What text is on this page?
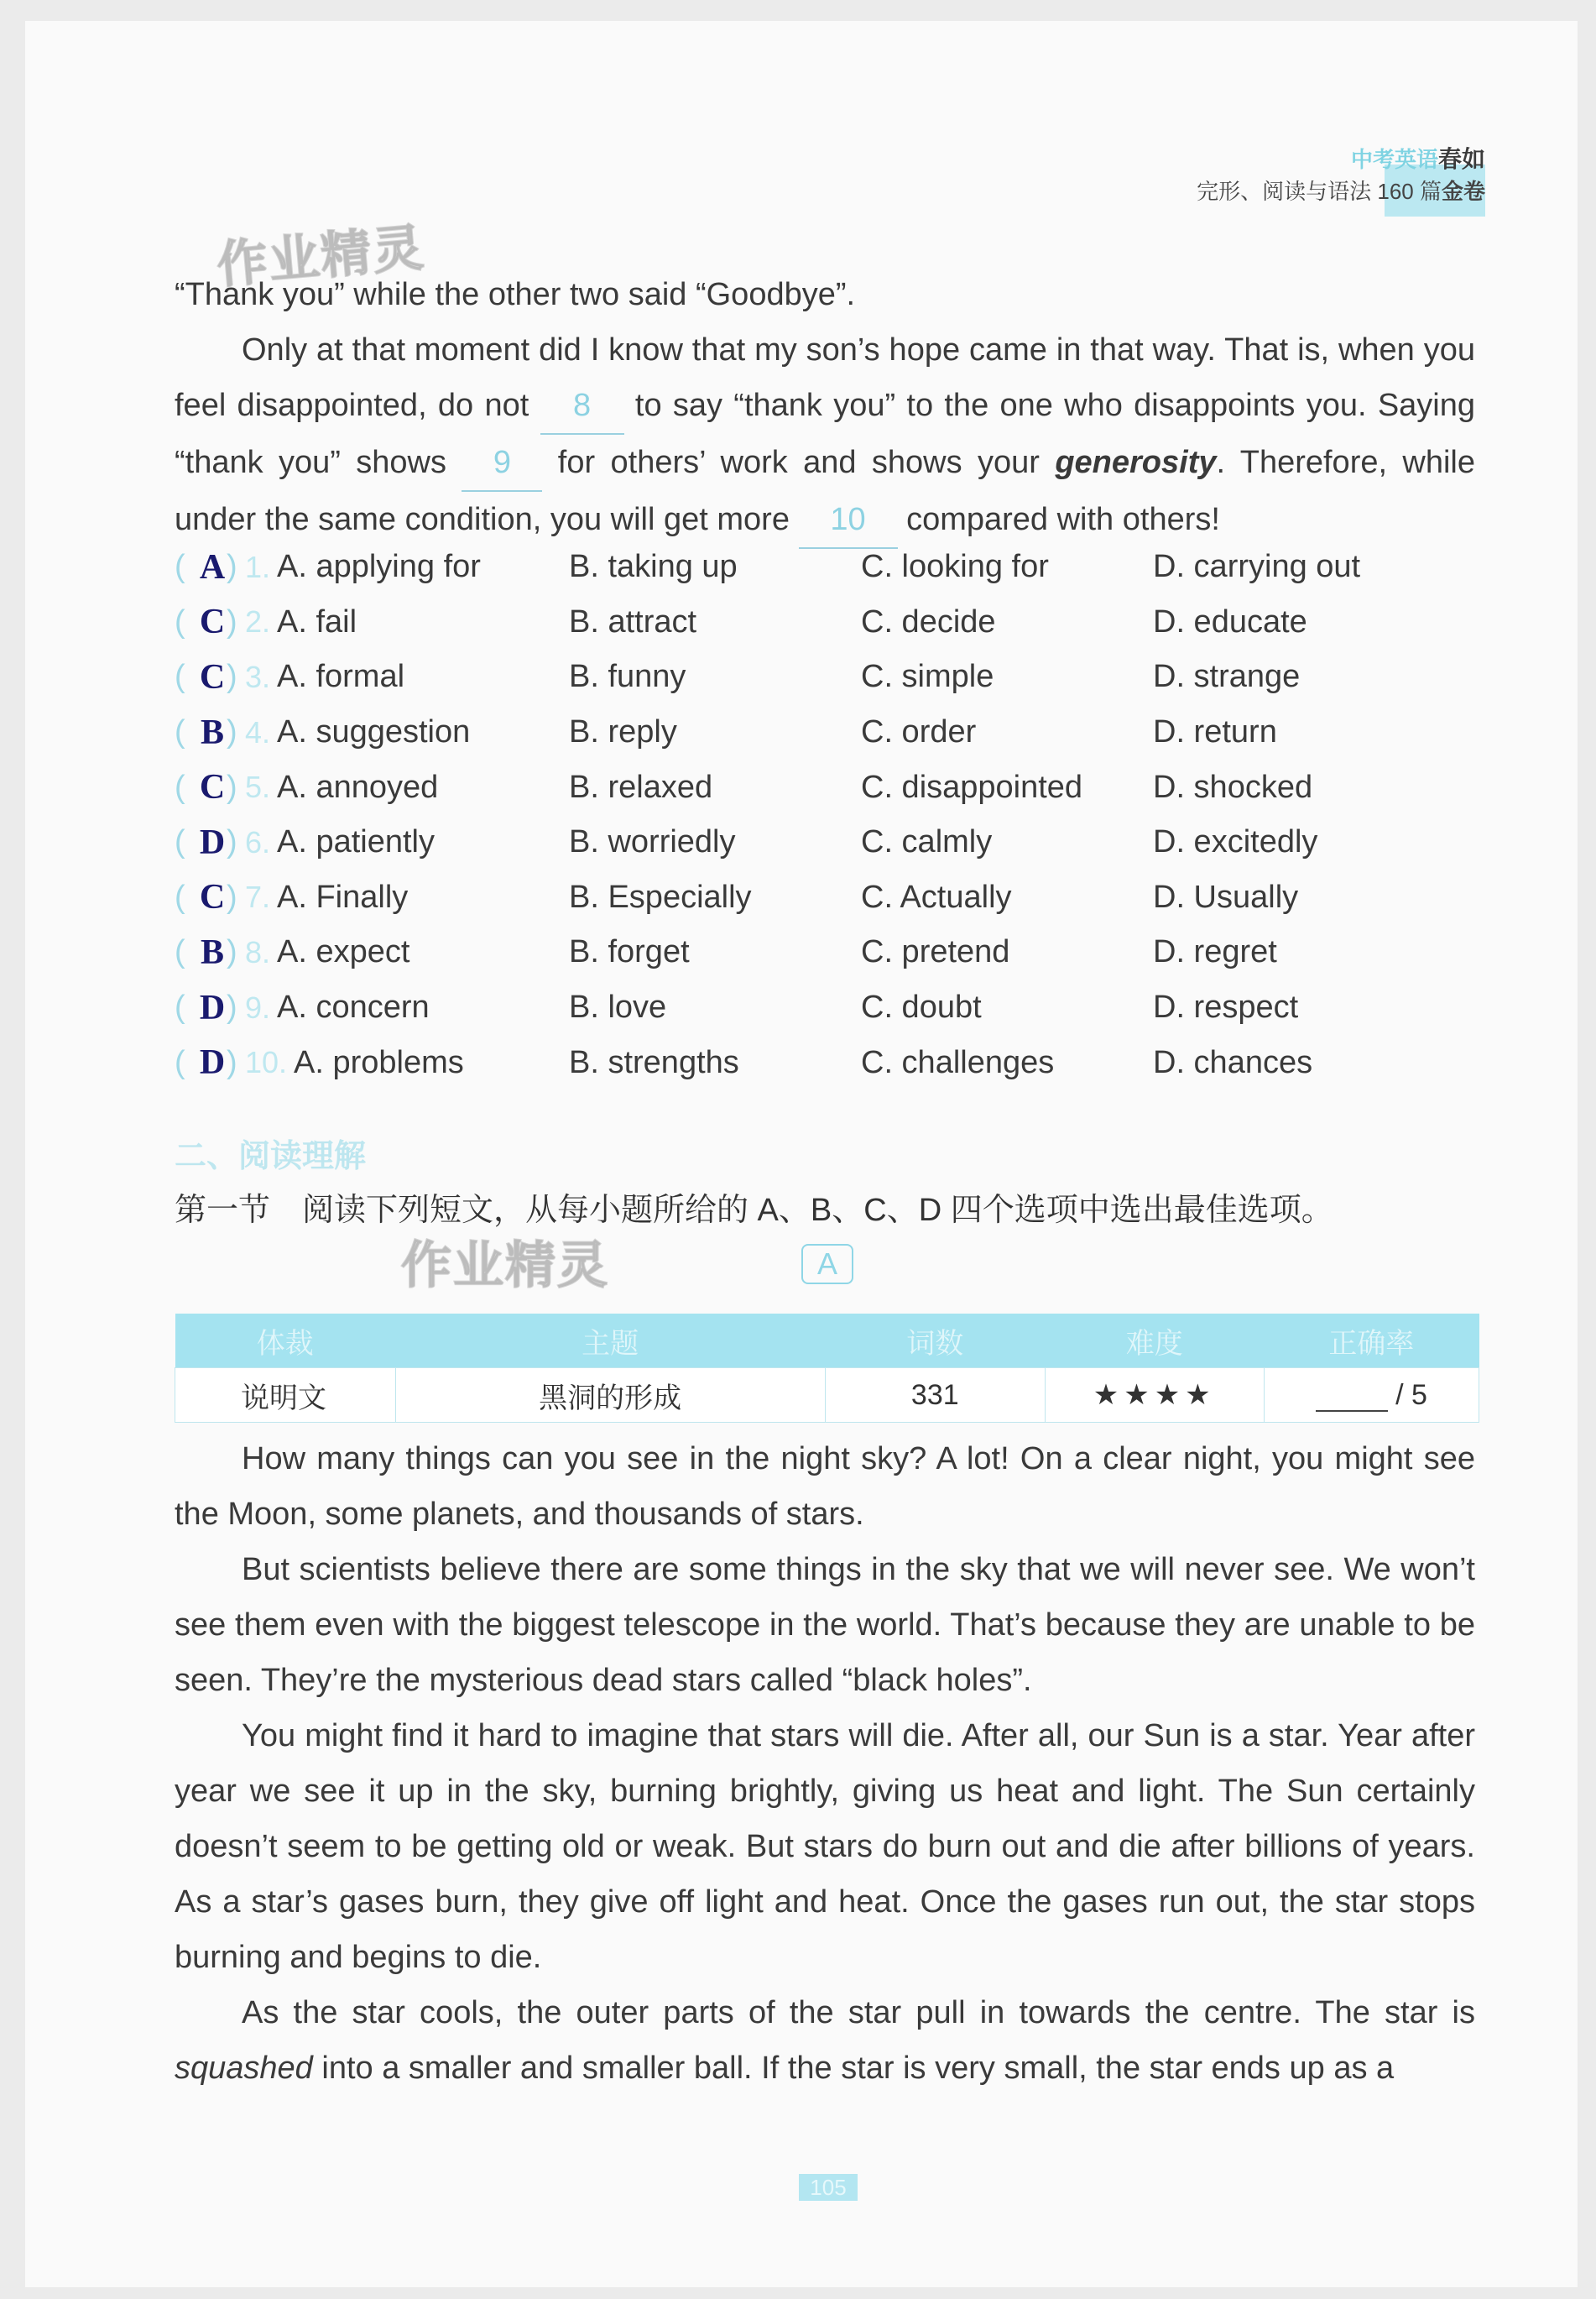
中考英语春如
完形、阅读与语法 160 篇金卷
作业精灵
作业精灵

“Thank you” while the other two said “Goodbye”.

Only at that moment did I know that my son’s hope came in that way. That is, when you feel disappointed, do not 8 to say “thank you” to the one who disappoints you. Saying “thank you” shows 9 for others’ work and shows your generosity. Therefore, while under the same condition, you will get more 10 compared with others!

( A ) 1. A. applying for	B. taking up	C. looking for	D. carrying out
( C ) 2. A. fail	B. attract	C. decide	D. educate
( C ) 3. A. formal	B. funny	C. simple	D. strange
( B ) 4. A. suggestion	B. reply	C. order	D. return
( C ) 5. A. annoyed	B. relaxed	C. disappointed	D. shocked
( D ) 6. A. patiently	B. worriedly	C. calmly	D. excitedly
( C ) 7. A. Finally	B. Especially	C. Actually	D. Usually
( B ) 8. A. expect	B. forget	C. pretend	D. regret
( D ) 9. A. concern	B. love	C. doubt	D. respect
( D ) 10. A. problems	B. strengths	C. challenges	D. chances
二、阅读理解
第一节　阅读下列短文，从每小题所给的 A、B、C、D 四个选项中选出最佳选项。
A
体裁	主题	词数	难度	正确率
说明文	黑洞的形成	331	★★★★	/ 5

How many things can you see in the night sky? A lot! On a clear night, you might see the Moon, some planets, and thousands of stars.

But scientists believe there are some things in the sky that we will never see. We won’t see them even with the biggest telescope in the world. That’s because they are unable to be seen. They’re the mysterious dead stars called “black holes”.

You might find it hard to imagine that stars will die. After all, our Sun is a star. Year after year we see it up in the sky, burning brightly, giving us heat and light. The Sun certainly doesn’t seem to be getting old or weak. But stars do burn out and die after billions of years. As a star’s gases burn, they give off light and heat. Once the gases run out, the star stops burning and begins to die.

As the star cools, the outer parts of the star pull in towards the centre. The star is squashed into a smaller and smaller ball. If the star is very small, the star ends up as a

105
